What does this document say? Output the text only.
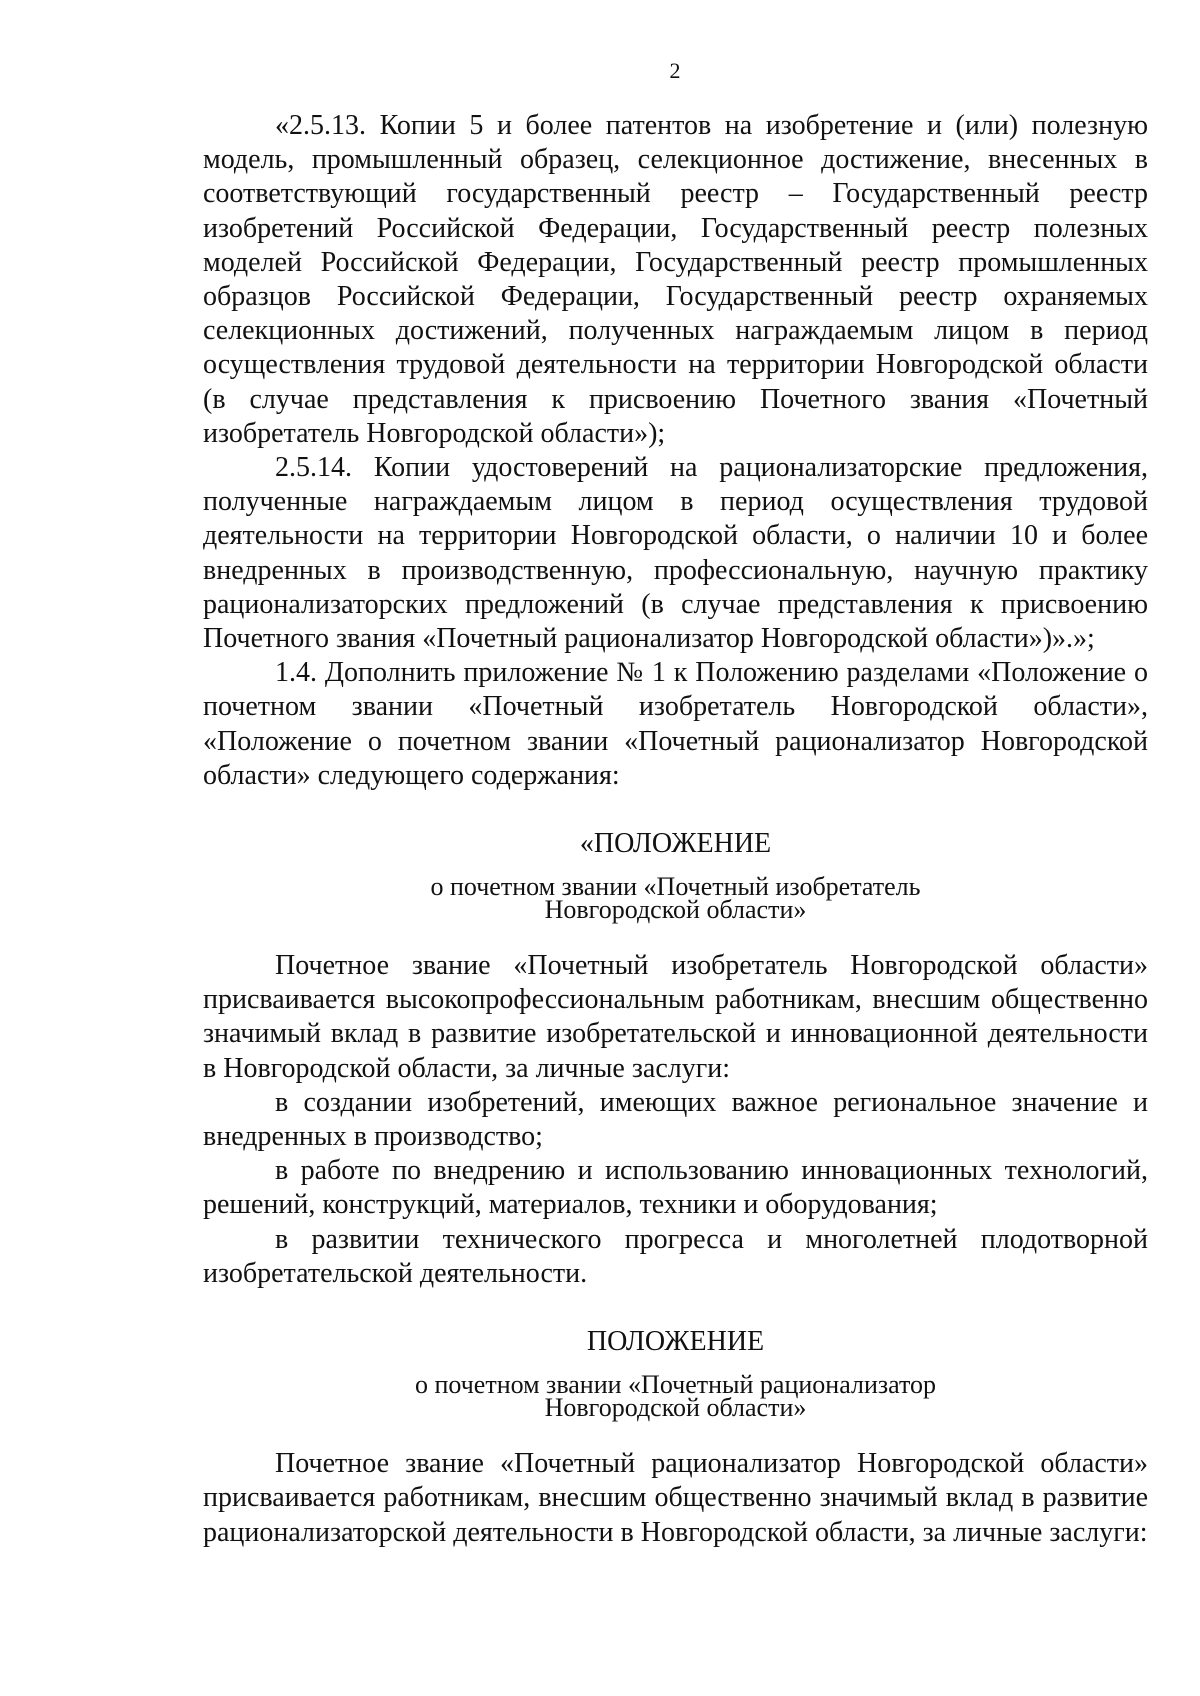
2

«2.5.13. Копии 5 и более патентов на изобретение и (или) полезную модель, промышленный образец, селекционное достижение, внесенных в соответствующий государственный реестр – Государственный реестр изобретений Российской Федерации, Государственный реестр полезных моделей Российской Федерации, Государственный реестр промышленных образцов Российской Федерации, Государственный реестр охраняемых селекционных достижений, полученных награждаемым лицом в период осуществления трудовой деятельности на территории Новгородской области (в случае представления к присвоению Почетного звания «Почетный изобретатель Новгородской области»);

2.5.14. Копии удостоверений на рационализаторские предложения, полученные награждаемым лицом в период осуществления трудовой деятельности на территории Новгородской области, о наличии 10 и более внедренных в производственную, профессиональную, научную практику рационализаторских предложений (в случае представления к присвоению Почетного звания «Почетный рационализатор Новгородской области»)».»;

1.4. Дополнить приложение № 1 к Положению разделами «Положение о почетном звании «Почетный изобретатель Новгородской области», «Положение о почетном звании «Почетный рационализатор Новгородской области» следующего содержания:

«ПОЛОЖЕНИЕ

о почетном звании «Почетный изобретатель

Новгородской области»

Почетное звание «Почетный изобретатель Новгородской области» присваивается высокопрофессиональным работникам, внесшим общественно значимый вклад в развитие изобретательской и инновационной деятельности в Новгородской области, за личные заслуги:

в создании изобретений, имеющих важное региональное значение и внедренных в производство;

в работе по внедрению и использованию инновационных технологий, решений, конструкций, материалов, техники и оборудования;

в развитии технического прогресса и многолетней плодотворной изобретательской деятельности.

ПОЛОЖЕНИЕ

о почетном звании «Почетный рационализатор

Новгородской области»

Почетное звание «Почетный рационализатор Новгородской области» присваивается работникам, внесшим общественно значимый вклад в развитие рационализаторской деятельности в Новгородской области, за личные заслуги:
